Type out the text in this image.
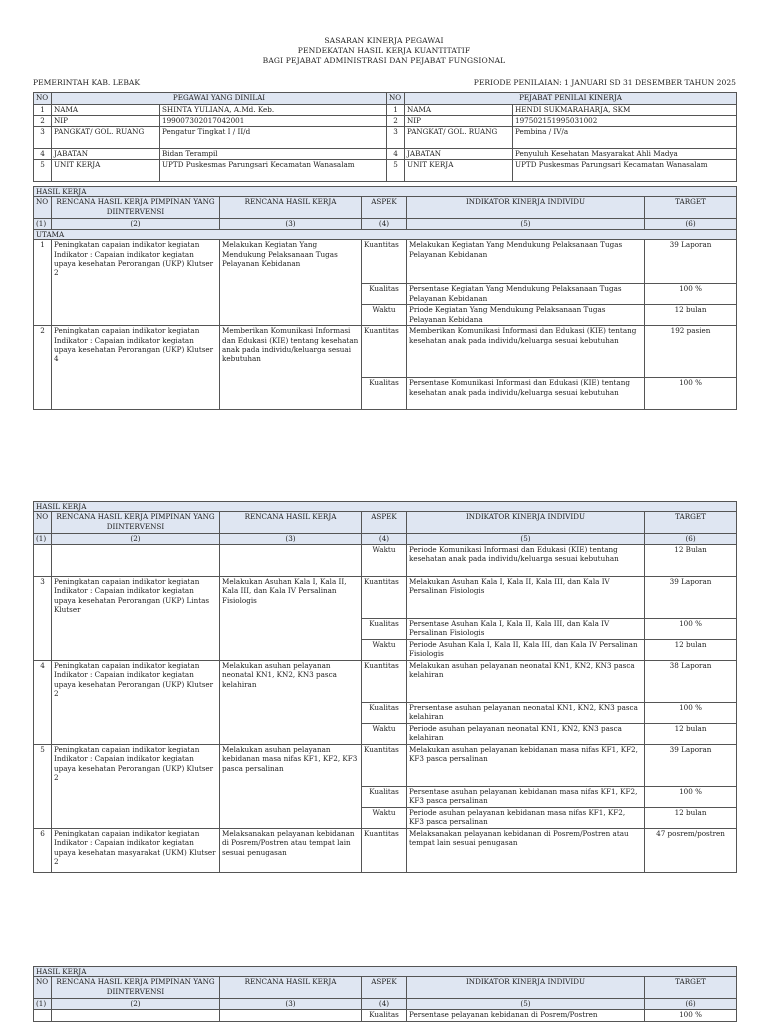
SASARAN KINERJA PEGAWAI
PENDEKATAN HASIL KERJA KUANTITATIF
BAGI PEJABAT ADMINISTRASI DAN PEJABAT FUNGSIONAL
PEMERINTAH KAB. LEBAK	PERIODE PENILAIAN: 1 JANUARI SD 31 DESEMBER TAHUN 2025
NO	PEGAWAI YANG DINILAI		NO	PEJABAT PENILAI KINERJA	
1	NAMA	SHINTA YULIANA, A.Md. Keb.	1	NAMA	HENDI SUKMARAHARJA, SKM
2	NIP	199007302017042001	2	NIP	197502151995031002
3	PANGKAT/ GOL. RUANG	Pengatur Tingkat I / II/d	3	PANGKAT/ GOL. RUANG	Pembina / IV/a
4	JABATAN	Bidan Terampil	4	JABATAN	Penyuluh Kesehatan Masyarakat Ahli Madya
5	UNIT KERJA	UPTD Puskesmas Parungsari Kecamatan Wanasalam	5	UNIT KERJA	UPTD Puskesmas Parungsari Kecamatan Wanasalam
HASIL KERJA					
NO	RENCANA HASIL KERJA PIMPINAN YANG DIINTERVENSI	RENCANA HASIL KERJA	ASPEK	INDIKATOR KINERJA INDIVIDU	TARGET
(1)	(2)	(3)	(4)	(5)	(6)
UTAMA					
1	Peningkatan capaian indikator kegiatan Indikator : Capaian indikator kegiatan upaya kesehatan Perorangan (UKP) Klutser 2	Melakukan Kegiatan Yang Mendukung Pelaksanaan Tugas Pelayanan Kebidanan	Kuantitas	Melakukan Kegiatan Yang Mendukung Pelaksanaan Tugas Pelayanan Kebidanan	39 Laporan
			Kualitas	Persentase Kegiatan Yang Mendukung Pelaksanaan Tugas Pelayanan Kebidanan	100 %
			Waktu	Priode Kegiatan Yang Mendukung Pelaksanaan Tugas Pelayanan Kebidana	12 bulan
2	Peningkatan capaian indikator kegiatan Indikator : Capaian indikator kegiatan upaya kesehatan Perorangan (UKP) Klutser 4	Memberikan Komunikasi Informasi dan Edukasi (KIE) tentang kesehatan anak pada individu/keluarga sesuai kebutuhan	Kuantitas	Memberikan Komunikasi Informasi dan Edukasi (KIE) tentang kesehatan anak pada individu/keluarga sesuai kebutuhan	192 pasien
			Kualitas	Persentase Komunikasi Informasi dan Edukasi (KIE) tentang kesehatan anak pada individu/keluarga sesuai kebutuhan	100 %
HASIL KERJA					
NO	RENCANA HASIL KERJA PIMPINAN YANG DIINTERVENSI	RENCANA HASIL KERJA	ASPEK	INDIKATOR KINERJA INDIVIDU	TARGET
(1)	(2)	(3)	(4)	(5)	(6)
			Waktu	Periode Komunikasi Informasi dan Edukasi (KIE) tentang kesehatan anak pada individu/keluarga sesuai kebutuhan	12 Bulan
3	Peningkatan capaian indikator kegiatan Indikator : Capaian indikator kegiatan upaya kesehatan Perorangan (UKP) Lintas Klutser	Melakukan Asuhan Kala I, Kala II, Kala III, dan Kala IV Persalinan Fisiologis	Kuantitas	Melakukan Asuhan Kala I, Kala II, Kala III, dan Kala IV Persalinan Fisiologis	39 Laporan
			Kualitas	Persentase Asuhan Kala I, Kala II, Kala III, dan Kala IV Persalinan Fisiologis	100 %
			Waktu	Periode Asuhan Kala I, Kala II, Kala III, dan Kala IV Persalinan Fisiologis	12 bulan
4	Peningkatan capaian indikator kegiatan Indikator : Capaian indikator kegiatan upaya kesehatan Perorangan (UKP) Klutser 2	Melakukan asuhan pelayanan neonatal KN1, KN2, KN3 pasca kelahiran	Kuantitas	Melakukan asuhan pelayanan neonatal KN1, KN2, KN3 pasca kelahiran	38 Laporan
			Kualitas	Prersentase asuhan pelayanan neonatal KN1, KN2, KN3 pasca kelahiran	100 %
			Waktu	Periode asuhan pelayanan neonatal KN1, KN2, KN3 pasca kelahiran	12 bulan
5	Peningkatan capaian indikator kegiatan Indikator : Capaian indikator kegiatan upaya kesehatan Perorangan (UKP) Klutser 2	Melakukan asuhan pelayanan kebidanan masa nifas KF1, KF2, KF3 pasca persalinan	Kuantitas	Melakukan asuhan pelayanan kebidanan masa nifas KF1, KF2, KF3 pasca persalinan	39 Laporan
			Kualitas	Persentase asuhan pelayanan kebidanan masa nifas KF1, KF2, KF3 pasca persalinan	100 %
			Waktu	Periode asuhan pelayanan kebidanan masa nifas KF1, KF2, KF3 pasca persalinan	12 bulan
6	Peningkatan capaian indikator kegiatan Indikator : Capaian indikator kegiatan upaya kesehatan masyarakat (UKM) Klutser 2	Melaksanakan pelayanan kebidanan di Posrem/Postren atau tempat lain sesuai penugasan	Kuantitas	Melaksanakan pelayanan kebidanan di Posrem/Postren atau tempat lain sesuai penugasan	47 posrem/postren
HASIL KERJA					
NO	RENCANA HASIL KERJA PIMPINAN YANG DIINTERVENSI	RENCANA HASIL KERJA	ASPEK	INDIKATOR KINERJA INDIVIDU	TARGET
(1)	(2)	(3)	(4)	(5)	(6)
			Kualitas	Persentase pelayanan kebidanan di Posrem/Postren	100 %
